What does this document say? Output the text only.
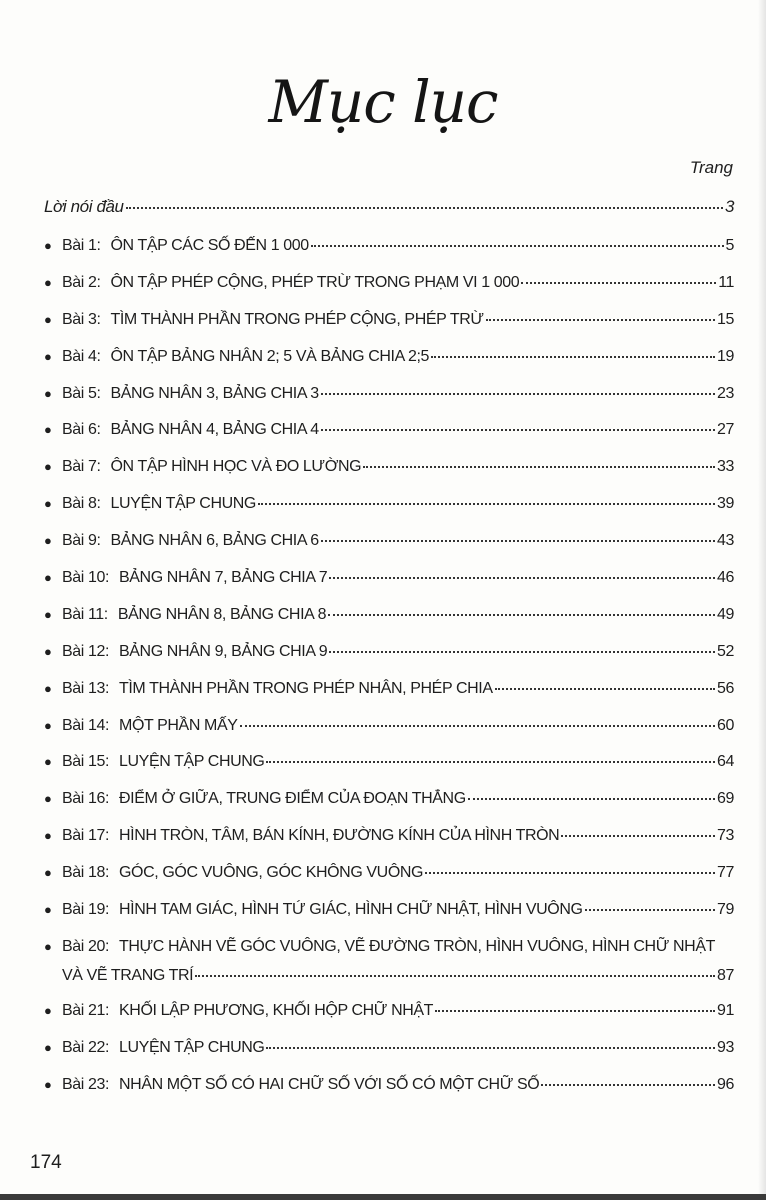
Mục lục
Trang
Lời nói đầu	3
● Bài 1: ÔN TẬP CÁC SỐ ĐẾN 1 000	5
● Bài 2: ÔN TẬP PHÉP CỘNG, PHÉP TRỪ TRONG PHẠM VI 1 000	11
● Bài 3: TÌM THÀNH PHẦN TRONG PHÉP CỘNG, PHÉP TRỪ	15
● Bài 4: ÔN TẬP BẢNG NHÂN 2; 5 VÀ BẢNG CHIA 2;5	19
● Bài 5: BẢNG NHÂN 3, BẢNG CHIA 3	23
● Bài 6: BẢNG NHÂN 4, BẢNG CHIA 4	27
● Bài 7: ÔN TẬP HÌNH HỌC VÀ ĐO LƯỜNG	33
● Bài 8: LUYỆN TẬP CHUNG	39
● Bài 9: BẢNG NHÂN 6, BẢNG CHIA 6	43
● Bài 10: BẢNG NHÂN 7, BẢNG CHIA 7	46
● Bài 11: BẢNG NHÂN 8, BẢNG CHIA 8	49
● Bài 12: BẢNG NHÂN 9, BẢNG CHIA 9	52
● Bài 13: TÌM THÀNH PHẦN TRONG PHÉP NHÂN, PHÉP CHIA	56
● Bài 14: MỘT PHẦN MẤY	60
● Bài 15: LUYỆN TẬP CHUNG	64
● Bài 16: ĐIỂM Ở GIỮA, TRUNG ĐIỂM CỦA ĐOẠN THẲNG	69
● Bài 17: HÌNH TRÒN, TÂM, BÁN KÍNH, ĐƯỜNG KÍNH CỦA HÌNH TRÒN	73
● Bài 18: GÓC, GÓC VUÔNG, GÓC KHÔNG VUÔNG	77
● Bài 19: HÌNH TAM GIÁC, HÌNH TỨ GIÁC, HÌNH CHỮ NHẬT, HÌNH VUÔNG	79
● Bài 20: THỰC HÀNH VẼ GÓC VUÔNG, VẼ ĐƯỜNG TRÒN, HÌNH VUÔNG, HÌNH CHỮ NHẬT
VÀ VẼ TRANG TRÍ	87
● Bài 21: KHỐI LẬP PHƯƠNG, KHỐI HỘP CHỮ NHẬT	91
● Bài 22: LUYỆN TẬP CHUNG	93
● Bài 23: NHÂN MỘT SỐ CÓ HAI CHỮ SỐ VỚI SỐ CÓ MỘT CHỮ SỐ	96
174
